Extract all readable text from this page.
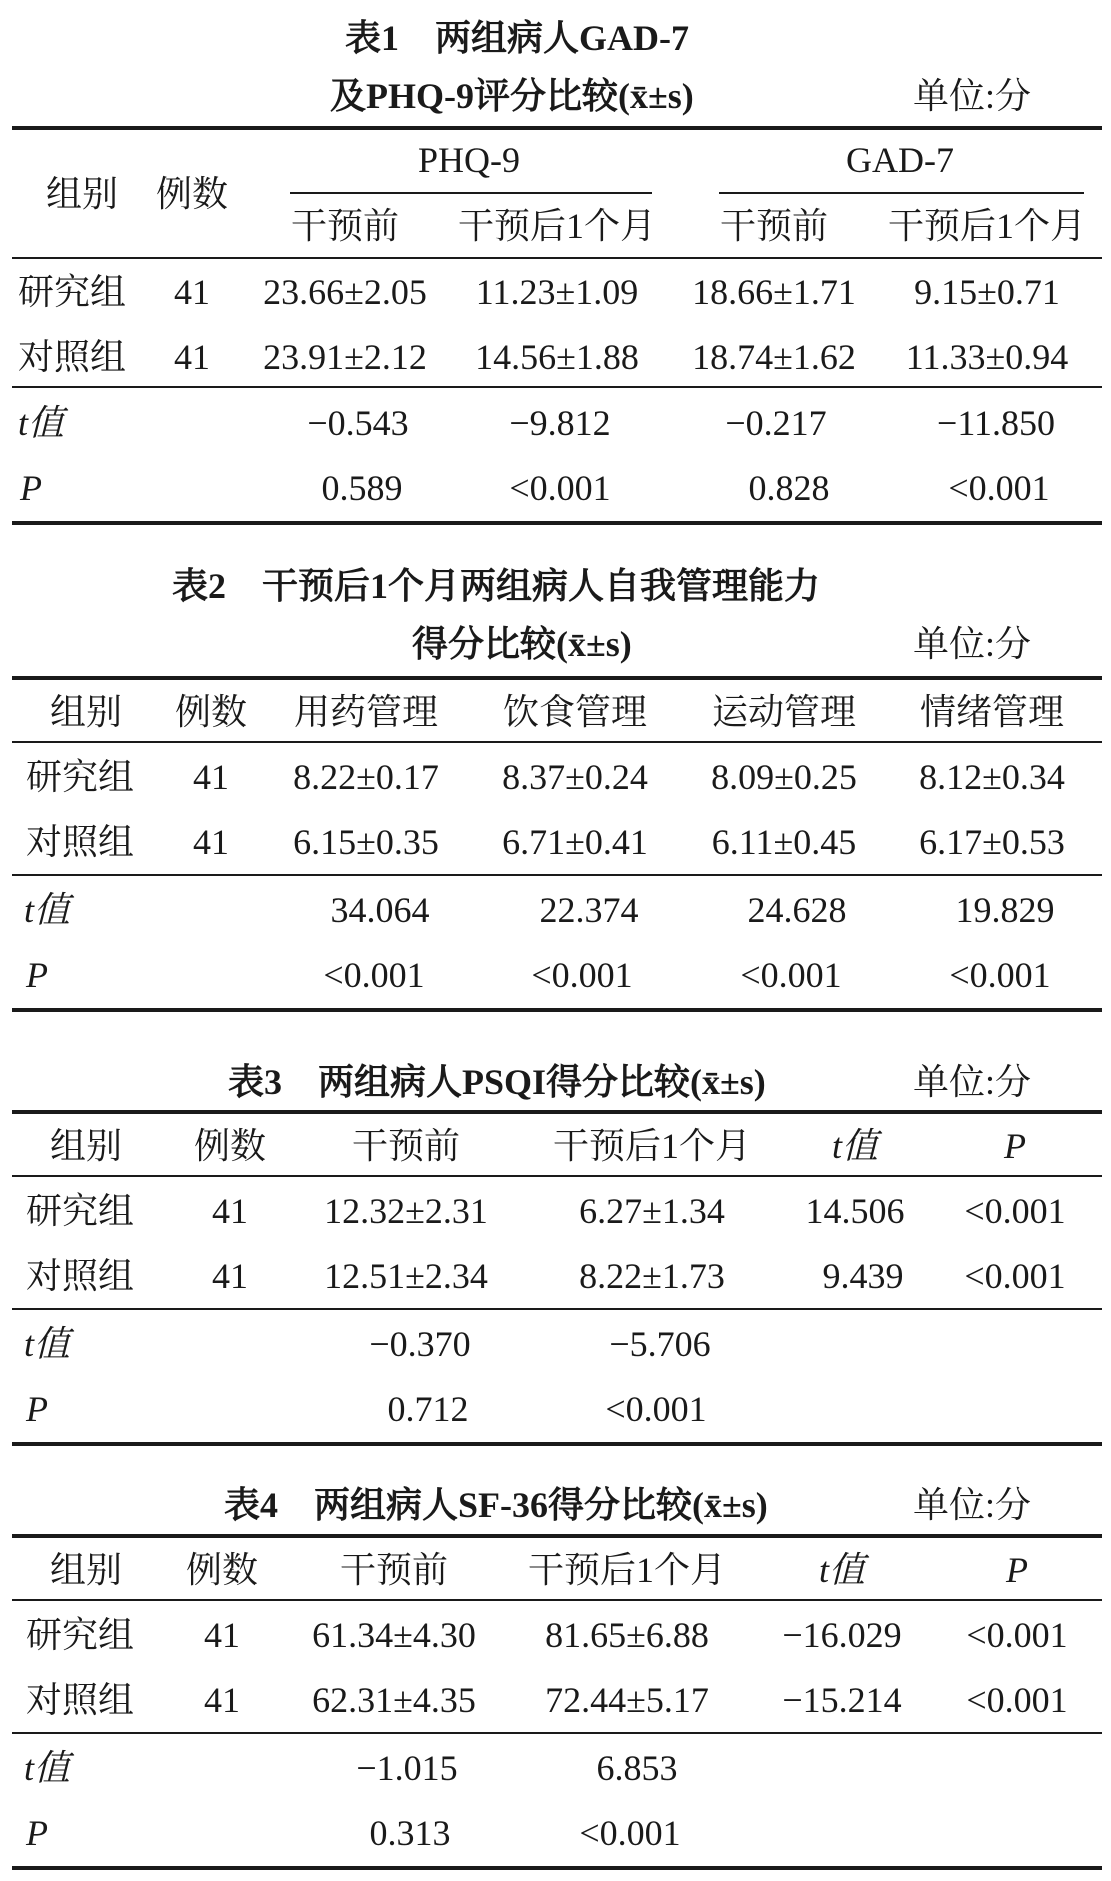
表1　两组病人GAD-7
及PHQ-9评分比较(x̄±s)	单位:分
组别 例数
PHQ-9	GAD-7
干预前 干预后1个月 干预前 干预后1个月
研究组 41 23.66±2.05 11.23±1.09 18.66±1.71 9.15±0.71
对照组 41 23.91±2.12 14.56±1.88 18.74±1.62 11.33±0.94
t值	−0.543	−9.812	−0.217	−11.850
P	0.589	<0.001	0.828	<0.001
表2　干预后1个月两组病人自我管理能力
得分比较(x̄±s)	单位:分
组别 例数 用药管理 饮食管理 运动管理 情绪管理
研究组 41 8.22±0.17 8.37±0.24 8.09±0.25 8.12±0.34
对照组 41 6.15±0.35 6.71±0.41 6.11±0.45 6.17±0.53
t值	34.064	22.374	24.628	19.829
P	<0.001	<0.001	<0.001	<0.001
表3　两组病人PSQI得分比较(x̄±s)	单位:分
组别 例数 干预前	干预后1个月 t值	P
研究组 41 12.32±2.31	6.27±1.34 14.506 <0.001
对照组 41 12.51±2.34	8.22±1.73	9.439 <0.001
t值	−0.370	−5.706
P	0.712	<0.001
表4　两组病人SF-36得分比较(x̄±s)	单位:分
组别 例数 干预前 干预后1个月	t值	P
研究组 41 61.34±4.30 81.65±6.88 −16.029 <0.001
对照组 41 62.31±4.35 72.44±5.17 −15.214 <0.001
t值	−1.015	6.853
P	0.313	<0.001
